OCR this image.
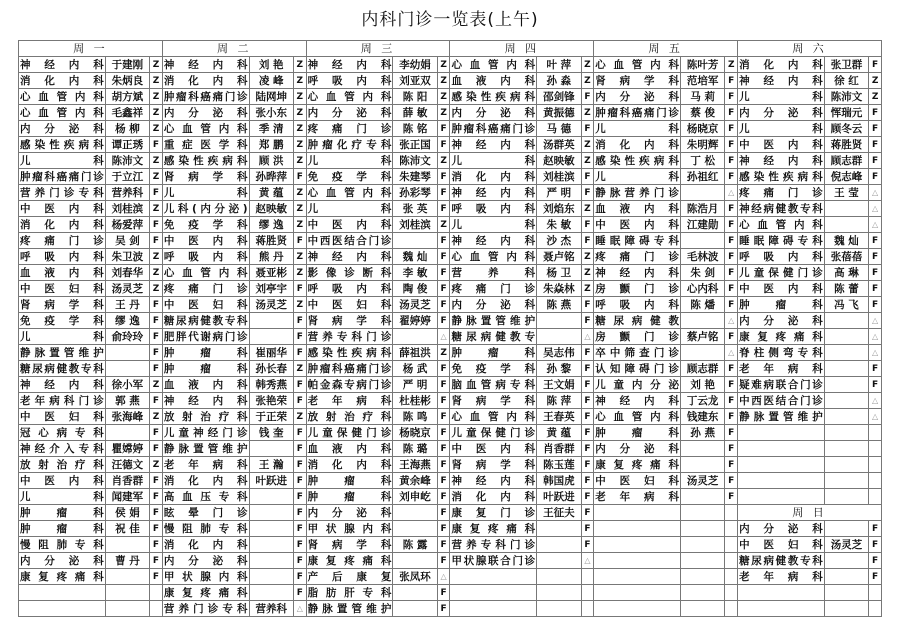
内科门诊一览表(上午)
周 一			周 二			周 三			周 四			周 五			周 六		
神经内科	于建刚	Z	神经内科	刘 艳	Z	神经内科	李幼娟	Z	心血管内科	叶 萍	Z	心血管内科	陈叶芳	Z	消化内科	张卫群	F
消化内科	朱炳良	Z	消化内科	凌 峰	Z	呼吸内科	刘亚双	Z	血液内科	孙 淼	Z	肾病学科	范培军	F	神经内科	徐 红	Z
心血管内科	胡方斌	Z	肿瘤科癌痛门诊	陆网坤	Z	心血管内科	陈 阳	Z	感染性疾病科	邵剑锋	F	内分泌科	马 莉	F	儿 科	陈沛文	Z
心血管内科	毛鑫祥	Z	内分泌科	张小东	Z	内分泌科	薛 敏	Z	内分泌科	黄振德	Z	肿瘤科癌痛门诊	蔡 俊	F	内分泌科	恽瑞元	F
内分泌科	杨 柳	Z	心血管内科	季 清	Z	疼痛门诊	陈 铭	F	肿瘤科癌痛门诊	马 德	F	儿 科	杨晓京	F	儿 科	顾冬云	F
感染性疾病科	谭正琇	F	重症医学科	郑 鹏	Z	肿瘤化疗专科	张正国	F	神经内科	汤群英	Z	消化内科	朱明辉	F	中医内科	蒋胜贤	F
儿 科	陈沛文	Z	感染性疾病科	顾 洪	Z	儿 科	陈沛文	Z	儿 科	赵映敏	Z	感染性疾病科	丁 松	F	神经内科	顾志群	F
肿瘤科癌痛门诊	于立江	Z	肾病学科	孙晔萍	F	免疫学科	朱建琴	F	消化内科	刘桂滨	F	儿 科	孙祖红	F	感染性疾病科	倪志峰	F
营养门诊专科	营养科	F	儿 科	黄 蕴	Z	心血管内科	孙彩琴	F	神经内科	严 明	F	静脉营养门诊		△	疼痛门诊	王 莹	△
中医内科	刘桂滨	Z	儿科(内分泌)	赵映敏	Z	儿 科	张 英	F	呼吸内科	刘焰东	Z	血液内科	陈浩月	F	神经病健教专科		△
消化内科	杨爱萍	F	免疫学科	缪 逸	Z	中医内科	刘桂滨	Z	儿 科	朱 敏	F	中医内科	江建勋	F	心血管内科		△
疼痛门诊	吴 剑	F	中医内科	蒋胜贤	F	中西医结合门诊		F	神经内科	沙 杰	F	睡眠障碍专科		F	睡眠障碍专科	魏 灿	F
呼吸内科	朱卫波	Z	呼吸内科	熊 丹	Z	神经内科	魏 灿	F	心血管内科	聂卢铭	Z	疼痛门诊	毛林波	F	呼吸内科	张蓓蓓	F
血液内科	刘春华	Z	心血管内科	聂亚彬	Z	影像诊断科	李 敏	F	营养科	杨 卫	Z	神经内科	朱 剑	F	儿童保健门诊	高 琳	F
中医妇科	汤灵芝	Z	疼痛门诊	刘亭宇	F	呼吸内科	陶 俊	F	疼痛门诊	朱焱林	Z	房颤门诊	心内科	F	中医内科	陈 蕾	F
肾病学科	王 丹	F	中医妇科	汤灵芝	Z	中医妇科	汤灵芝	F	内分泌科	陈 燕	F	呼吸内科	陈 燔	F	肿瘤科	冯 飞	F
免疫学科	缪 逸	F	糖尿病健教专科		F	肾病学科	翟婷婷	F	静脉置管维护		F	糖尿病健教		△	内分泌科		△
儿 科	俞玲玲	F	肥胖代谢病门诊		F	营养专科门诊		△	糖尿病健教专		△	房颤门诊	蔡卢铭	F	康复疼痛科		△
静脉置管维护		F	肿瘤科	崔丽华	F	感染性疾病科	薛祖洪	Z	肿瘤科	吴志伟	F	卒中筛查门诊		△	脊柱侧弯专科		△
糖尿病健教专科		F	肿瘤科	孙长春	Z	肿瘤科癌痛门诊	杨 武	F	免疫学科	孙 黎	F	认知障碍门诊	顾志群	F	老年病科		F
神经内科	徐小军	Z	血液内科	韩秀燕	F	帕金森专病门诊	严 明	F	脑血管病专科	王文娟	F	儿童内分泌	刘 艳	F	疑难病联合门诊		F
老年病科门诊	郭 燕	F	神经内科	张艳荣	F	老年病科	杜桂彬	F	肾病学科	陈 萍	F	神经内科	丁云龙	F	中西医结合门诊		△
中医妇科	张海峰	Z	放射治疗科	于正荣	Z	放射治疗科	陈 鸣	F	心血管内科	王春英	F	心血管内科	钱建东	F	静脉置管维护		△
冠心病专科		F	儿童神经门诊	钱 奎	F	儿童保健门诊	杨晓京	F	儿童保健门诊	黄 蕴	F	肿瘤科	孙 燕	F			
神经介入专科	瞿嫦婷	F	静脉置管维护		F	血液内科	陈 璐	F	中医内科	肖香群	F	内分泌科		F			
放射治疗科	汪德文	Z	老年病科	王 瀚	F	消化内科	王海燕	F	肾病学科	陈玉莲	F	康复疼痛科		F			
中医内科	肖香群	F	消化内科	叶跃进	F	肿瘤科	黄余峰	F	神经内科	韩国虎	F	中医妇科	汤灵芝	F			
儿 科	闻建军	F	高血压专科		F	肿瘤科	刘申屹	F	消化内科	叶跃进	F	老年病科		F			
肿瘤科	侯 娟	F	眩晕门诊		F	内分泌科		F	康复门诊	王征夫	F				周 日		
肿瘤科	祝 佳	F	慢阻肺专科		F	甲状腺内科		F	康复疼痛科		F				内分泌科		F
慢阻肺专科		F	消化内科		F	肾病学科	陈 露	F	营养专科门诊		F				中医妇科	汤灵芝	F
内分泌科	曹 丹	F	内分泌科		F	康复疼痛科		F	甲状腺联合门诊		△				糖尿病健教专科		F
康复疼痛科		F	甲状腺内科		F	产后康复	张凤环	△							老年病科		F
			康复疼痛科		F	脂肪肝专科		F									
			营养门诊专科	营养科	△	静脉置管维护		F									
